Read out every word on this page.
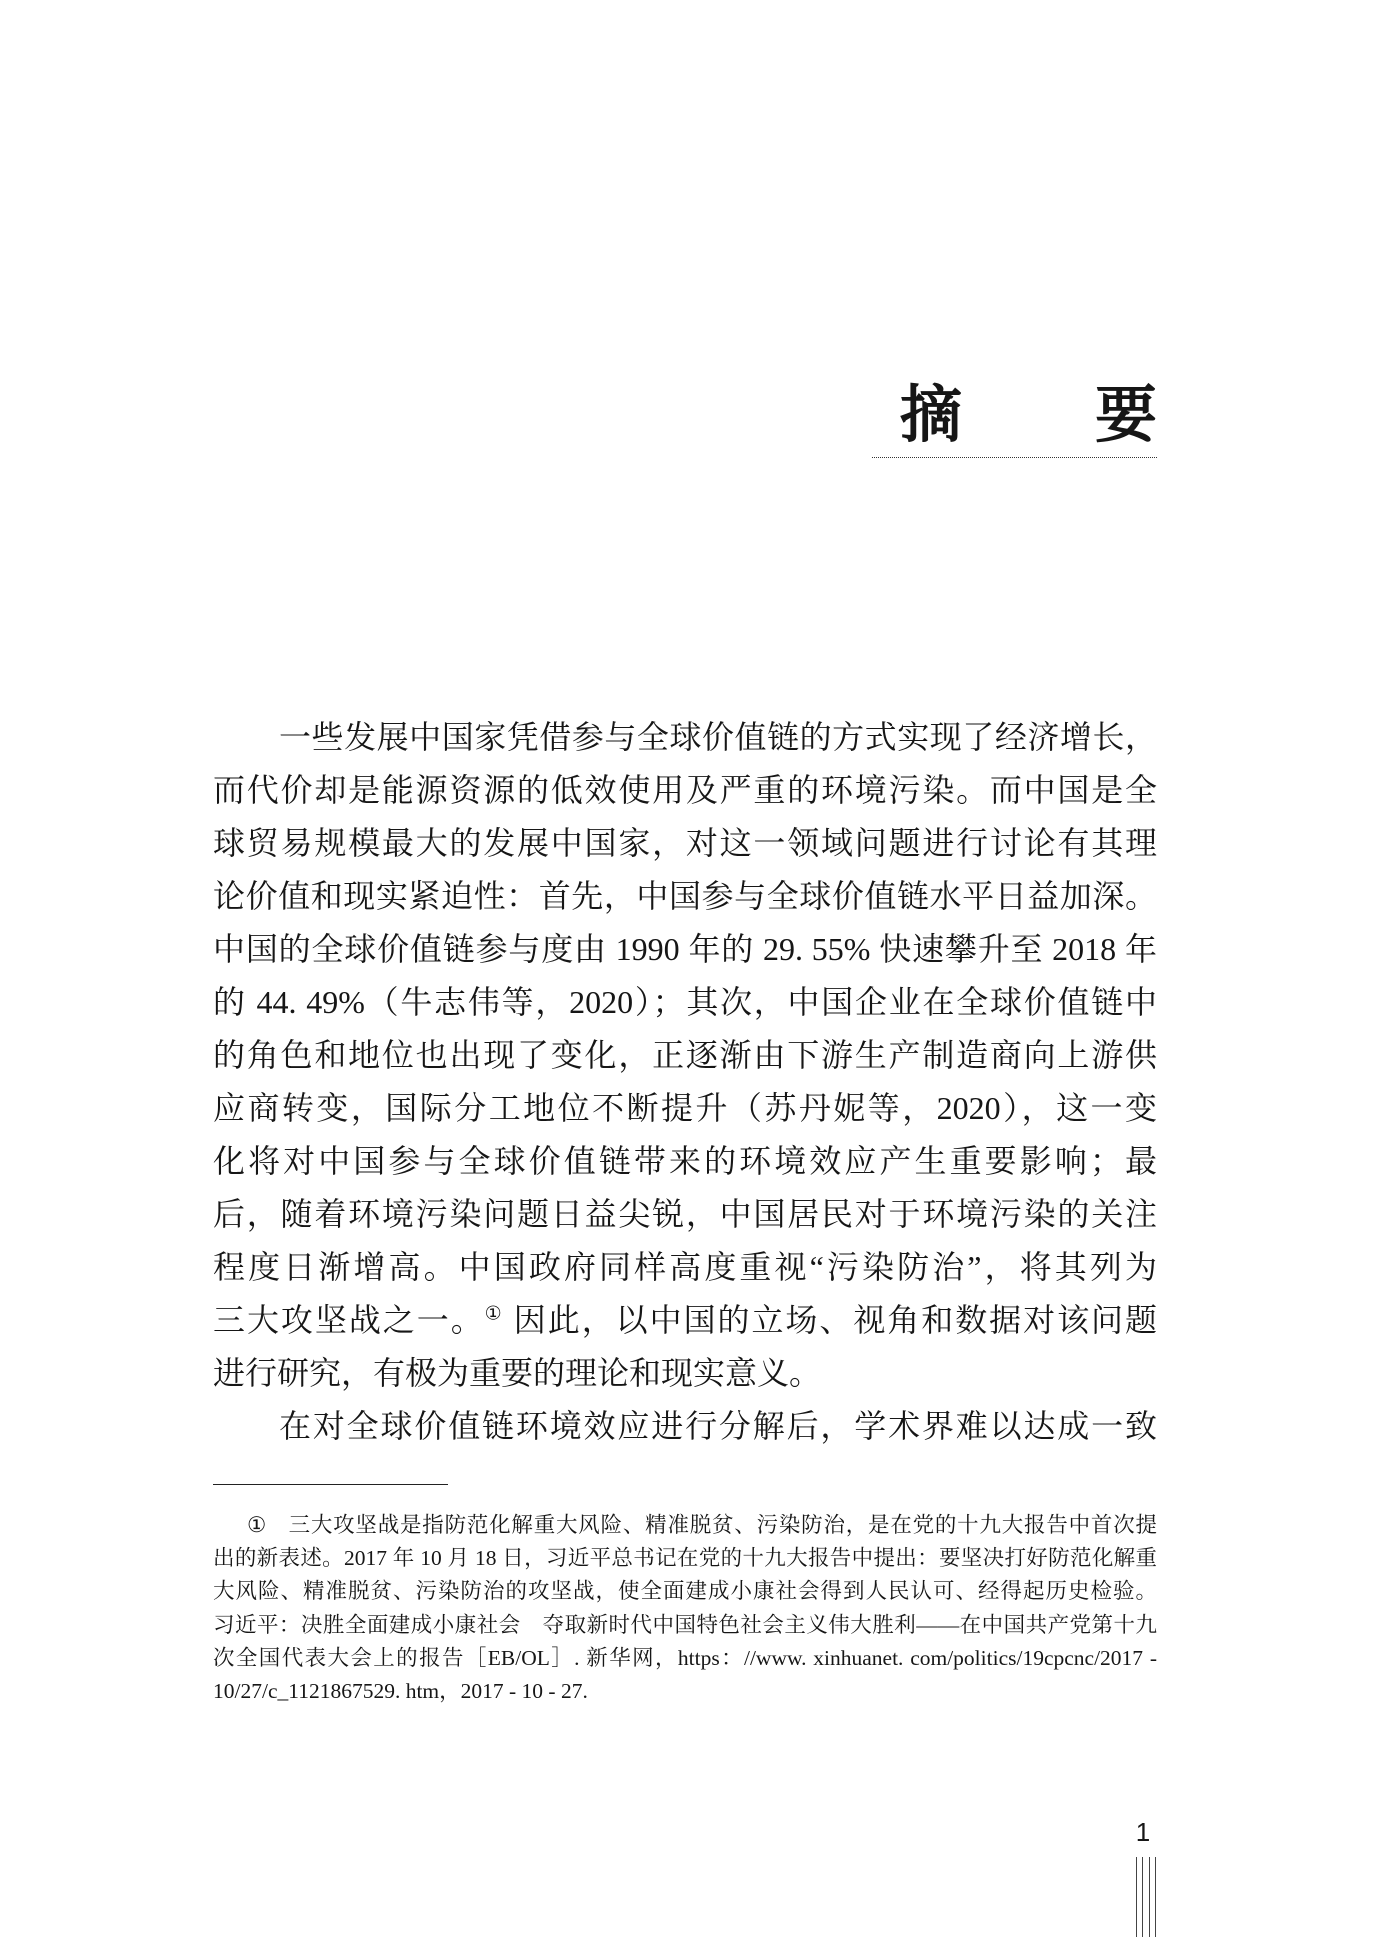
摘 要
一些发展中国家凭借参与全球价值链的方式实现了经济增长，
而代价却是能源资源的低效使用及严重的环境污染。而中国是全
球贸易规模最大的发展中国家，对这一领域问题进行讨论有其理
论价值和现实紧迫性：首先，中国参与全球价值链水平日益加深。
中国的全球价值链参与度由 1990 年的 29. 55% 快速攀升至 2018 年
的 44. 49%（牛志伟等，2020）；其次，中国企业在全球价值链中
的角色和地位也出现了变化，正逐渐由下游生产制造商向上游供
应商转变，国际分工地位不断提升（苏丹妮等，2020），这一变
化将对中国参与全球价值链带来的环境效应产生重要影响；最
后，随着环境污染问题日益尖锐，中国居民对于环境污染的关注
程度日渐增高。中国政府同样高度重视“污染防治”，将其列为
三大攻坚战之一。① 因此，以中国的立场、视角和数据对该问题
进行研究，有极为重要的理论和现实意义。
在对全球价值链环境效应进行分解后，学术界难以达成一致
① 三大攻坚战是指防范化解重大风险、精准脱贫、污染防治，是在党的十九大报告中首次提
出的新表述。2017 年 10 月 18 日，习近平总书记在党的十九大报告中提出：要坚决打好防范化解重
大风险、精准脱贫、污染防治的攻坚战，使全面建成小康社会得到人民认可、经得起历史检验。
习近平：决胜全面建成小康社会　夺取新时代中国特色社会主义伟大胜利——在中国共产党第十九
次全国代表大会上的报告［EB/OL］. 新华网，https：//www. xinhuanet. com/politics/19cpcnc/2017 -
10/27/c_1121867529. htm，2017 - 10 - 27.
1
